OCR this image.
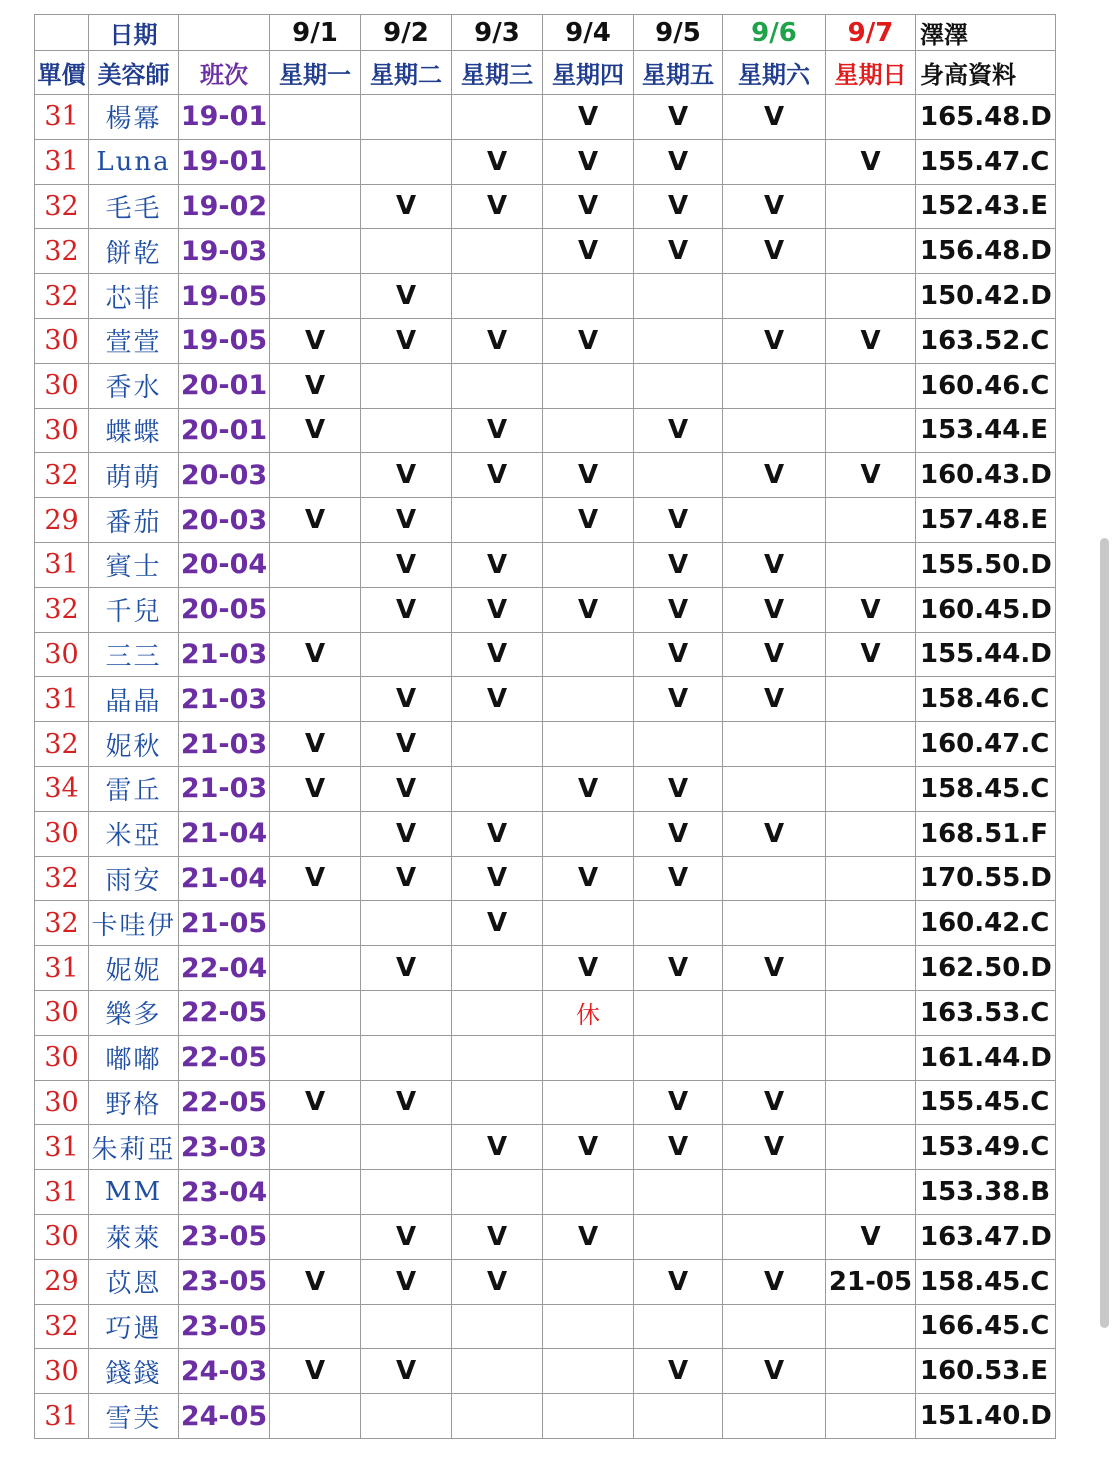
	日期		9/1	9/2	9/3	9/4	9/5	9/6	9/7	澤澤
單價	美容師	班次	星期一	星期二	星期三	星期四	星期五	星期六	星期日	身高資料
31	楊冪	19-01				V	V	V		165.48.D
31	Luna	19-01			V	V	V		V	155.47.C
32	毛毛	19-02		V	V	V	V	V		152.43.E
32	餅乾	19-03				V	V	V		156.48.D
32	芯菲	19-05		V						150.42.D
30	萱萱	19-05	V	V	V	V		V	V	163.52.C
30	香水	20-01	V							160.46.C
30	蝶蝶	20-01	V		V		V			153.44.E
32	萌萌	20-03		V	V	V		V	V	160.43.D
29	番茄	20-03	V	V		V	V			157.48.E
31	賓士	20-04		V	V		V	V		155.50.D
32	千兒	20-05		V	V	V	V	V	V	160.45.D
30	三三	21-03	V		V		V	V	V	155.44.D
31	晶晶	21-03		V	V		V	V		158.46.C
32	妮秋	21-03	V	V						160.47.C
34	雷丘	21-03	V	V		V	V			158.45.C
30	米亞	21-04		V	V		V	V		168.51.F
32	雨安	21-04	V	V	V	V	V			170.55.D
32	卡哇伊	21-05			V					160.42.C
31	妮妮	22-04		V		V	V	V		162.50.D
30	樂多	22-05				休				163.53.C
30	嘟嘟	22-05								161.44.D
30	野格	22-05	V	V			V	V		155.45.C
31	朱莉亞	23-03			V	V	V	V		153.49.C
31	MM	23-04								153.38.B
30	萊萊	23-05		V	V	V			V	163.47.D
29	苡恩	23-05	V	V	V		V	V	21-05	158.45.C
32	巧遇	23-05								166.45.C
30	錢錢	24-03	V	V			V	V		160.53.E
31	雪芙	24-05								151.40.D
